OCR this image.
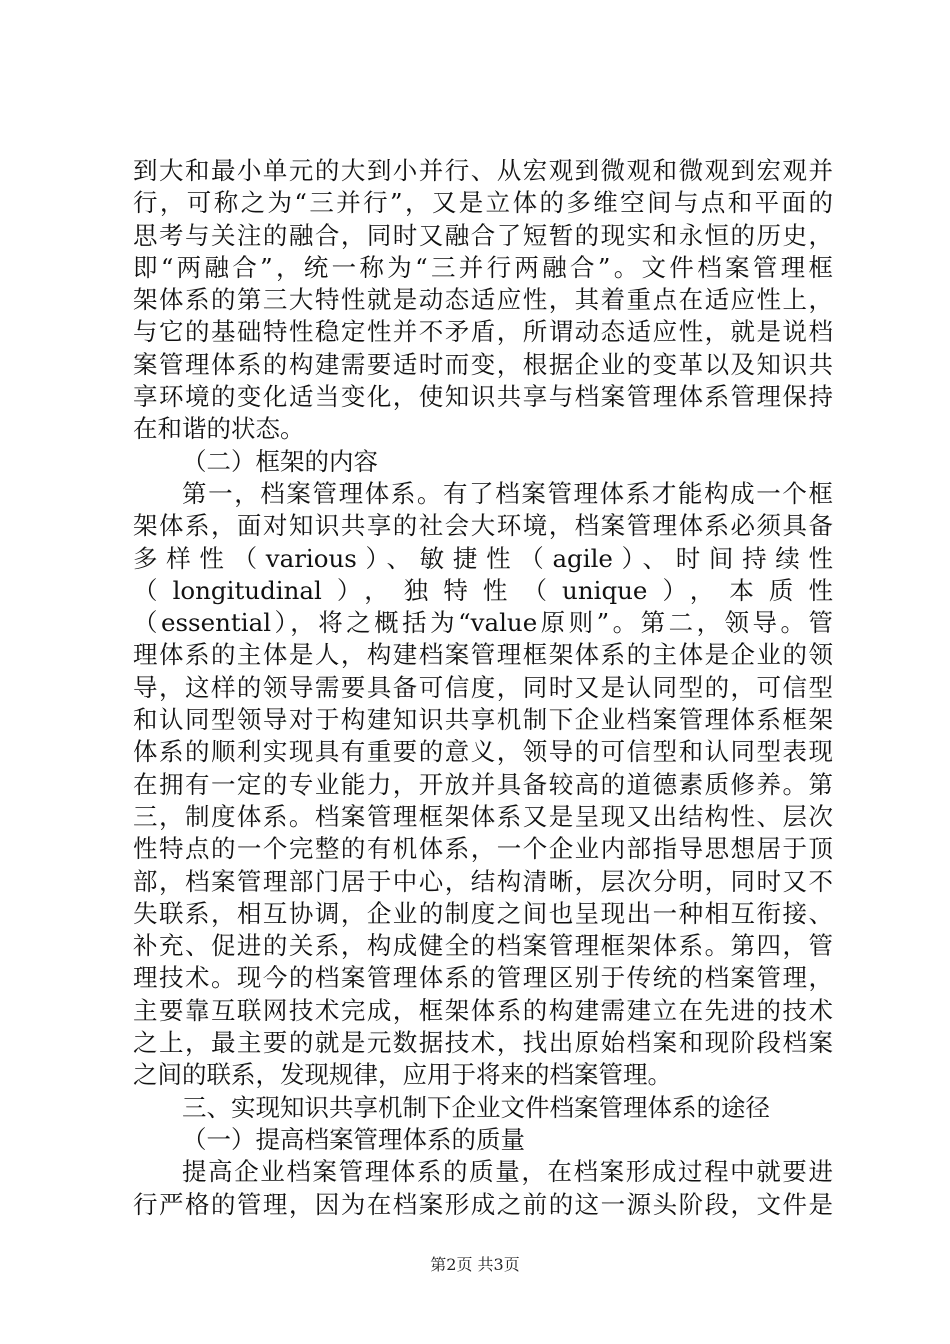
到大和最小单元的大到小并行、从宏观到微观和微观到宏观并
行，可称之为“三并行”，又是立体的多维空间与点和平面的
思考与关注的融合，同时又融合了短暂的现实和永恒的历史，
即“两融合”，统一称为“三并行两融合”。文件档案管理框
架体系的第三大特性就是动态适应性，其着重点在适应性上，
与它的基础特性稳定性并不矛盾，所谓动态适应性，就是说档
案管理体系的构建需要适时而变，根据企业的变革以及知识共
享环境的变化适当变化，使知识共享与档案管理体系管理保持
在和谐的状态。
（二）框架的内容
第一，档案管理体系。有了档案管理体系才能构成一个框
架体系，面对知识共享的社会大环境，档案管理体系必须具备
多样性（various）、敏捷性（agile）、时间持续性
（longitudinal），独特性（unique），本质性
（essential），将之概括为“value原则”。第二，领导。管
理体系的主体是人，构建档案管理框架体系的主体是企业的领
导，这样的领导需要具备可信度，同时又是认同型的，可信型
和认同型领导对于构建知识共享机制下企业档案管理体系框架
体系的顺利实现具有重要的意义，领导的可信型和认同型表现
在拥有一定的专业能力，开放并具备较高的道德素质修养。第
三，制度体系。档案管理框架体系又是呈现又出结构性、层次
性特点的一个完整的有机体系，一个企业内部指导思想居于顶
部，档案管理部门居于中心，结构清晰，层次分明，同时又不
失联系，相互协调，企业的制度之间也呈现出一种相互衔接、
补充、促进的关系，构成健全的档案管理框架体系。第四，管
理技术。现今的档案管理体系的管理区别于传统的档案管理，
主要靠互联网技术完成，框架体系的构建需建立在先进的技术
之上，最主要的就是元数据技术，找出原始档案和现阶段档案
之间的联系，发现规律，应用于将来的档案管理。
三、实现知识共享机制下企业文件档案管理体系的途径
（一）提高档案管理体系的质量
提高企业档案管理体系的质量，在档案形成过程中就要进
行严格的管理，因为在档案形成之前的这一源头阶段，文件是
第2页 共3页
